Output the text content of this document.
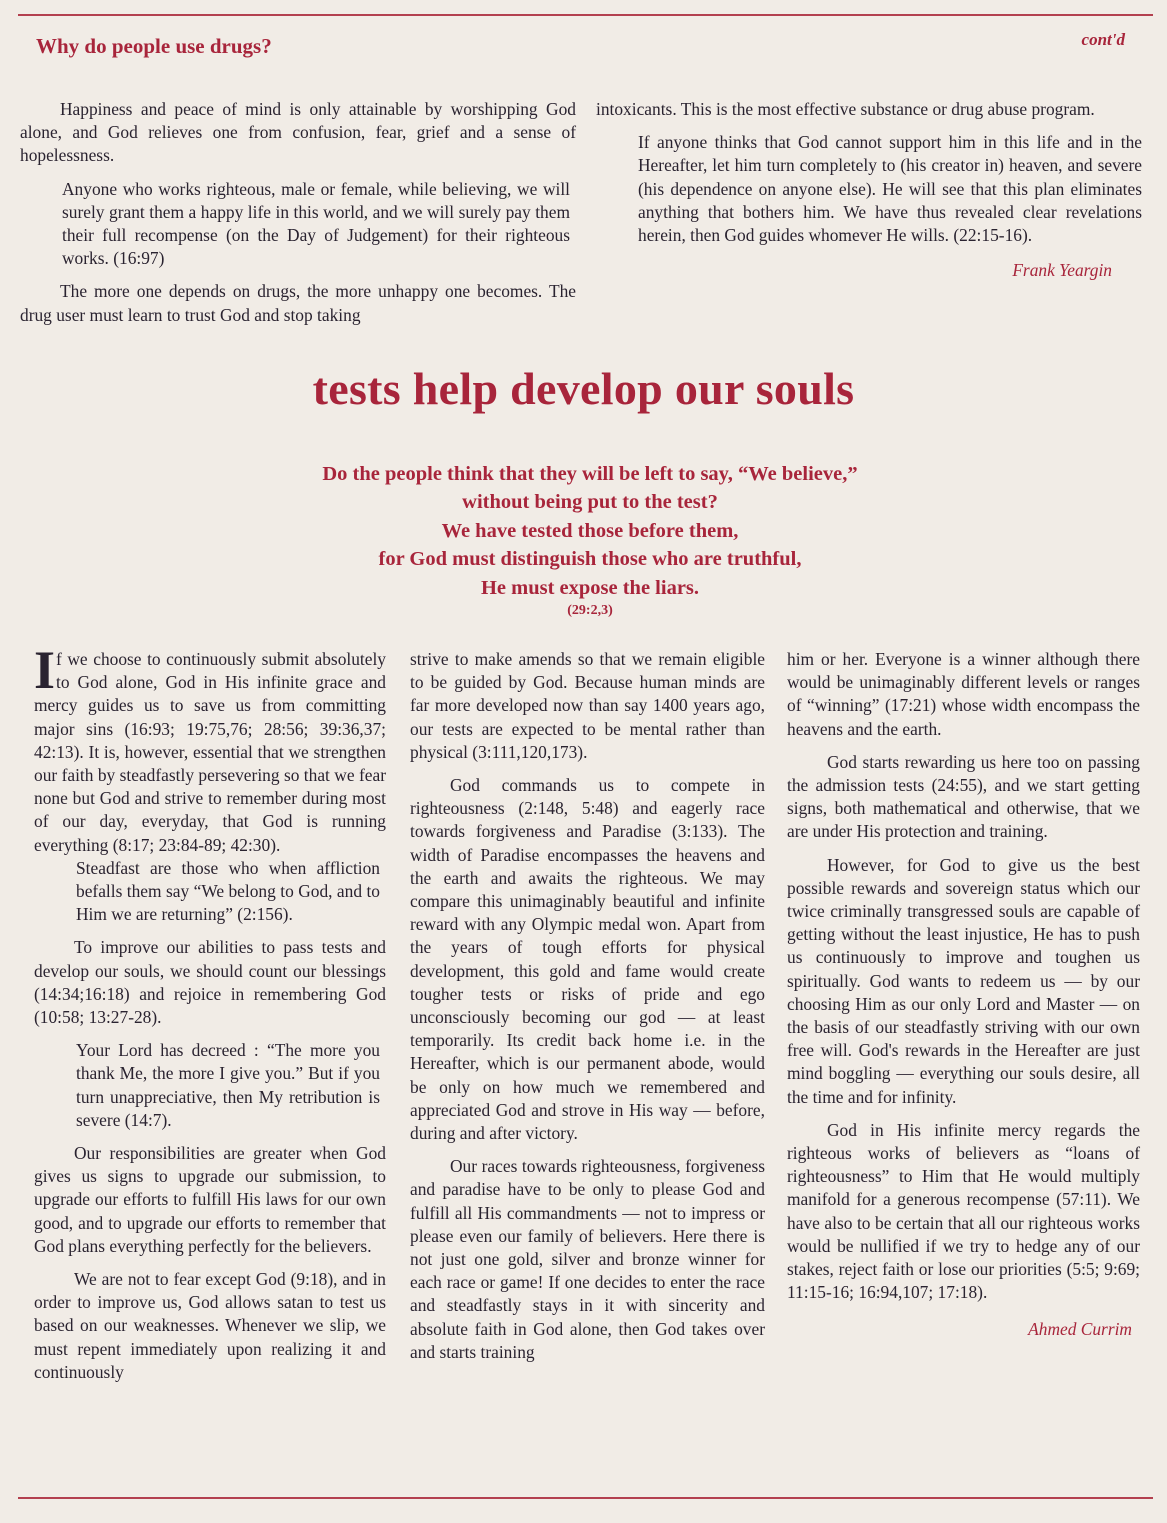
Why do people use drugs?	cont'd

Happiness and peace of mind is only attainable by worshipping God alone, and God relieves one from confusion, fear, grief and a sense of hopelessness.

Anyone who works righteous, male or female, while believing, we will surely grant them a happy life in this world, and we will surely pay them their full recompense (on the Day of Judgement) for their righteous works. (16:97)

The more one depends on drugs, the more unhappy one becomes. The drug user must learn to trust God and stop taking

intoxicants. This is the most effective substance or drug abuse program.

If anyone thinks that God cannot support him in this life and in the Hereafter, let him turn completely to (his creator in) heaven, and severe (his dependence on anyone else). He will see that this plan eliminates anything that bothers him. We have thus revealed clear revelations herein, then God guides whomever He wills. (22:15-16).

Frank Yeargin
tests help develop our souls
Do the people think that they will be left to say, “We believe,”
without being put to the test?
We have tested those before them,
for God must distinguish those who are truthful,
He must expose the liars.
(29:2,3)

If we choose to continuously submit absolutely to God alone, God in His infinite grace and mercy guides us to save us from committing major sins (16:93; 19:75,76; 28:56; 39:36,37; 42:13). It is, however, essential that we strengthen our faith by steadfastly persevering so that we fear none but God and strive to remember during most of our day, everyday, that God is running everything (8:17; 23:84-89; 42:30).

Steadfast are those who when affliction befalls them say “We belong to God, and to Him we are returning” (2:156).

To improve our abilities to pass tests and develop our souls, we should count our blessings (14:34;16:18) and rejoice in remembering God (10:58; 13:27-28).

Your Lord has decreed : “The more you thank Me, the more I give you.” But if you turn unappreciative, then My retribution is severe (14:7).

Our responsibilities are greater when God gives us signs to upgrade our submission, to upgrade our efforts to fulfill His laws for our own good, and to upgrade our efforts to remember that God plans everything perfectly for the believers.

We are not to fear except God (9:18), and in order to improve us, God allows satan to test us based on our weaknesses. Whenever we slip, we must repent immediately upon realizing it and continuously

strive to make amends so that we remain eligible to be guided by God. Because human minds are far more developed now than say 1400 years ago, our tests are expected to be mental rather than physical (3:111,120,173).

God commands us to compete in righteousness (2:148, 5:48) and eagerly race towards forgiveness and Paradise (3:133). The width of Paradise encompasses the heavens and the earth and awaits the righteous. We may compare this unimaginably beautiful and infinite reward with any Olympic medal won. Apart from the years of tough efforts for physical development, this gold and fame would create tougher tests or risks of pride and ego unconsciously becoming our god — at least temporarily. Its credit back home i.e. in the Hereafter, which is our permanent abode, would be only on how much we remembered and appreciated God and strove in His way — before, during and after victory.

Our races towards righteousness, forgiveness and paradise have to be only to please God and fulfill all His commandments — not to impress or please even our family of believers. Here there is not just one gold, silver and bronze winner for each race or game! If one decides to enter the race and steadfastly stays in it with sincerity and absolute faith in God alone, then God takes over and starts training

him or her. Everyone is a winner although there would be unimaginably different levels or ranges of “winning” (17:21) whose width encompass the heavens and the earth.

God starts rewarding us here too on passing the admission tests (24:55), and we start getting signs, both mathematical and otherwise, that we are under His protection and training.

However, for God to give us the best possible rewards and sovereign status which our twice criminally transgressed souls are capable of getting without the least injustice, He has to push us continuously to improve and toughen us spiritually. God wants to redeem us — by our choosing Him as our only Lord and Master — on the basis of our steadfastly striving with our own free will. God's rewards in the Hereafter are just mind boggling — everything our souls desire, all the time and for infinity.

God in His infinite mercy regards the righteous works of believers as “loans of righteousness” to Him that He would multiply manifold for a generous recompense (57:11). We have also to be certain that all our righteous works would be nullified if we try to hedge any of our stakes, reject faith or lose our priorities (5:5; 9:69; 11:15-16; 16:94,107; 17:18).

Ahmed Currim
